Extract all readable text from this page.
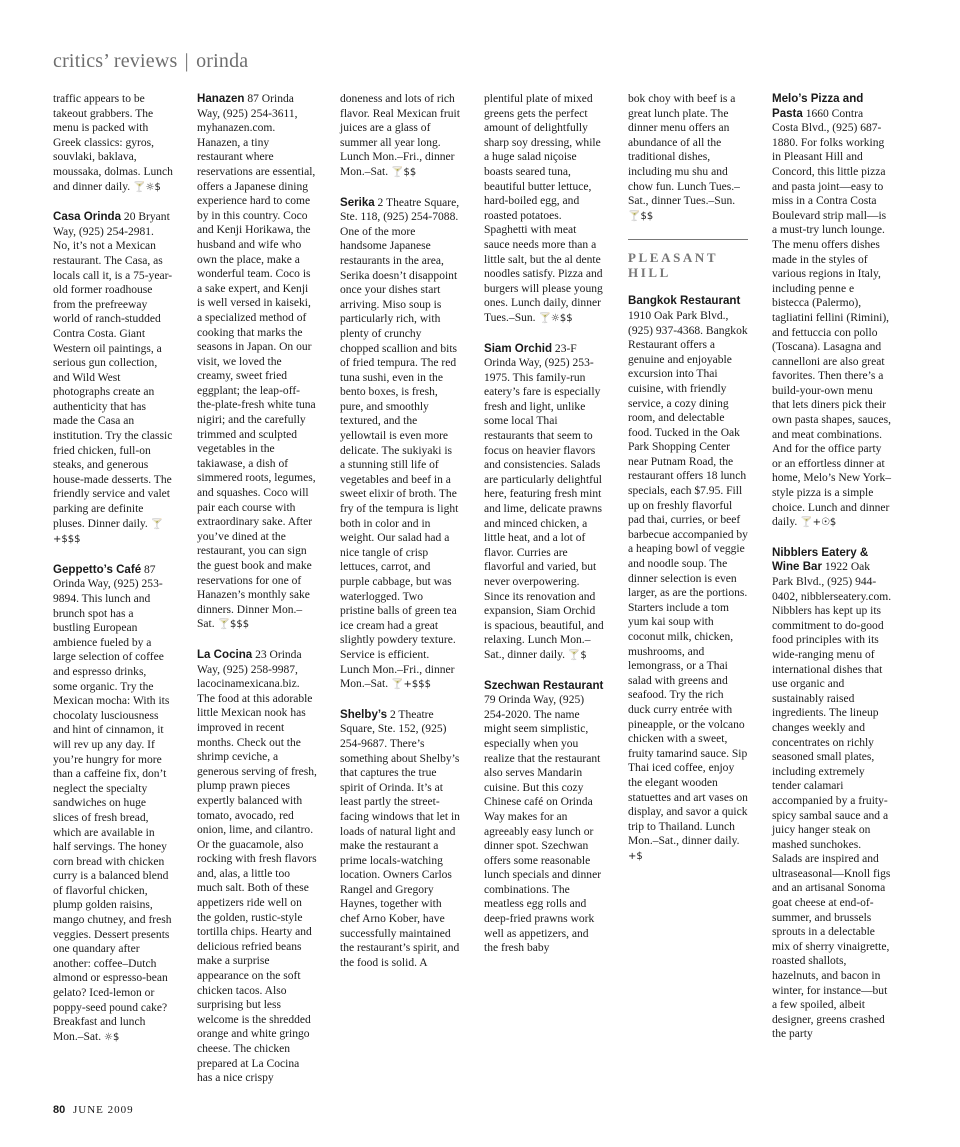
critics’ reviews | orinda

traffic appears to be takeout grabbers. The menu is packed with Greek classics: gyros, souvlaki, baklava, moussaka, dolmas. Lunch and dinner daily. 🍸☼$

Casa Orinda 20 Bryant Way, (925) 254-2981. No, it’s not a Mexican restaurant. The Casa, as locals call it, is a 75-year-old former roadhouse from the prefreeway world of ranch-studded Contra Costa. Giant Western oil paintings, a serious gun collection, and Wild West photographs create an authenticity that has made the Casa an institution. Try the classic fried chicken, full-on steaks, and generous house-made desserts. The friendly service and valet parking are definite pluses. Dinner daily. 🍸+$$$

Geppetto’s Café 87 Orinda Way, (925) 253-9894. This lunch and brunch spot has a bustling European ambience fueled by a large selection of coffee and espresso drinks, some organic. Try the Mexican mocha: With its chocolaty lusciousness and hint of cinnamon, it will rev up any day. If you’re hungry for more than a caffeine fix, don’t neglect the specialty sandwiches on huge slices of fresh bread, which are available in half servings. The honey corn bread with chicken curry is a balanced blend of flavorful chicken, plump golden raisins, mango chutney, and fresh veggies. Dessert presents one quandary after another: coffee–Dutch almond or espresso-bean gelato? Iced-lemon or poppy-seed pound cake? Breakfast and lunch Mon.–Sat. ☼$

Hanazen 87 Orinda Way, (925) 254-3611, myhanazen.com. Hanazen, a tiny restaurant where reservations are essential, offers a Japanese dining experience hard to come by in this country. Coco and Kenji Horikawa, the husband and wife who own the place, make a wonderful team. Coco is a sake expert, and Kenji is well versed in kaiseki, a specialized method of cooking that marks the seasons in Japan. On our visit, we loved the creamy, sweet fried eggplant; the leap-off-the-plate-fresh white tuna nigiri; and the carefully trimmed and sculpted vegetables in the takiawase, a dish of simmered roots, legumes, and squashes. Coco will pair each course with extraordinary sake. After you’ve dined at the restaurant, you can sign the guest book and make reservations for one of Hanazen’s monthly sake dinners. Dinner Mon.–Sat. 🍸$$$

La Cocina 23 Orinda Way, (925) 258-9987, lacocinamexicana.biz. The food at this adorable little Mexican nook has improved in recent months. Check out the shrimp ceviche, a generous serving of fresh, plump prawn pieces expertly balanced with tomato, avocado, red onion, lime, and cilantro. Or the guacamole, also rocking with fresh flavors and, alas, a little too much salt. Both of these appetizers ride well on the golden, rustic-style tortilla chips. Hearty and delicious refried beans make a surprise appearance on the soft chicken tacos. Also surprising but less welcome is the shredded orange and white gringo cheese. The chicken prepared at La Cocina has a nice crispy

doneness and lots of rich flavor. Real Mexican fruit juices are a glass of summer all year long. Lunch Mon.–Fri., dinner Mon.–Sat. 🍸$$

Serika 2 Theatre Square, Ste. 118, (925) 254-7088. One of the more handsome Japanese restaurants in the area, Serika doesn’t disappoint once your dishes start arriving. Miso soup is particularly rich, with plenty of crunchy chopped scallion and bits of fried tempura. The red tuna sushi, even in the bento boxes, is fresh, pure, and smoothly textured, and the yellowtail is even more delicate. The sukiyaki is a stunning still life of vegetables and beef in a sweet elixir of broth. The fry of the tempura is light both in color and in weight. Our salad had a nice tangle of crisp lettuces, carrot, and purple cabbage, but was waterlogged. Two pristine balls of green tea ice cream had a great slightly powdery texture. Service is efficient. Lunch Mon.–Fri., dinner Mon.–Sat. 🍸+$$$

Shelby’s 2 Theatre Square, Ste. 152, (925) 254-9687. There’s something about Shelby’s that captures the true spirit of Orinda. It’s at least partly the street-facing windows that let in loads of natural light and make the restaurant a prime locals-watching location. Owners Carlos Rangel and Gregory Haynes, together with chef Arno Kober, have successfully maintained the restaurant’s spirit, and the food is solid. A

plentiful plate of mixed greens gets the perfect amount of delightfully sharp soy dressing, while a huge salad niçoise boasts seared tuna, beautiful butter lettuce, hard-boiled egg, and roasted potatoes. Spaghetti with meat sauce needs more than a little salt, but the al dente noodles satisfy. Pizza and burgers will please young ones. Lunch daily, dinner Tues.–Sun. 🍸☼$$

Siam Orchid 23-F Orinda Way, (925) 253-1975. This family-run eatery’s fare is especially fresh and light, unlike some local Thai restaurants that seem to focus on heavier flavors and consistencies. Salads are particularly delightful here, featuring fresh mint and lime, delicate prawns and minced chicken, a little heat, and a lot of flavor. Curries are flavorful and varied, but never overpowering. Since its renovation and expansion, Siam Orchid is spacious, beautiful, and relaxing. Lunch Mon.–Sat., dinner daily. 🍸$

Szechwan Restaurant 79 Orinda Way, (925) 254-2020. The name might seem simplistic, especially when you realize that the restaurant also serves Mandarin cuisine. But this cozy Chinese café on Orinda Way makes for an agreeably easy lunch or dinner spot. Szechwan offers some reasonable lunch specials and dinner combinations. The meatless egg rolls and deep-fried prawns work well as appetizers, and the fresh baby

bok choy with beef is a great lunch plate. The dinner menu offers an abundance of all the traditional dishes, including mu shu and chow fun. Lunch Tues.–Sat., dinner Tues.–Sun. 🍸$$

PLEASANT HILL

Bangkok Restaurant 1910 Oak Park Blvd., (925) 937-4368. Bangkok Restaurant offers a genuine and enjoyable excursion into Thai cuisine, with friendly service, a cozy dining room, and delectable food. Tucked in the Oak Park Shopping Center near Putnam Road, the restaurant offers 18 lunch specials, each $7.95. Fill up on freshly flavorful pad thai, curries, or beef barbecue accompanied by a heaping bowl of veggie and noodle soup. The dinner selection is even larger, as are the portions. Starters include a tom yum kai soup with coconut milk, chicken, mushrooms, and lemongrass, or a Thai salad with greens and seafood. Try the rich duck curry entrée with pineapple, or the volcano chicken with a sweet, fruity tamarind sauce. Sip Thai iced coffee, enjoy the elegant wooden statuettes and art vases on display, and savor a quick trip to Thailand. Lunch Mon.–Sat., dinner daily. +$

Melo’s Pizza and Pasta 1660 Contra Costa Blvd., (925) 687-1880. For folks working in Pleasant Hill and Concord, this little pizza and pasta joint—easy to miss in a Contra Costa Boulevard strip mall—is a must-try lunch lounge. The menu offers dishes made in the styles of various regions in Italy, including penne e bistecca (Palermo), tagliatini fellini (Rimini), and fettuccia con pollo (Toscana). Lasagna and cannelloni are also great favorites. Then there’s a build-your-own menu that lets diners pick their own pasta shapes, sauces, and meat combinations. And for the office party or an effortless dinner at home, Melo’s New York–style pizza is a simple choice. Lunch and dinner daily. 🍸+☉$

Nibblers Eatery & Wine Bar 1922 Oak Park Blvd., (925) 944-0402, nibblerseatery.com. Nibblers has kept up its commitment to do-good food principles with its wide-ranging menu of international dishes that use organic and sustainably raised ingredients. The lineup changes weekly and concentrates on richly seasoned small plates, including extremely tender calamari accompanied by a fruity-spicy sambal sauce and a juicy hanger steak on mashed sunchokes. Salads are inspired and ultraseasonal—Knoll figs and an artisanal Sonoma goat cheese at end-of-summer, and brussels sprouts in a delectable mix of sherry vinaigrette, roasted shallots, hazelnuts, and bacon in winter, for instance—but a few spoiled, albeit designer, greens crashed the party

80 JUNE 2009
